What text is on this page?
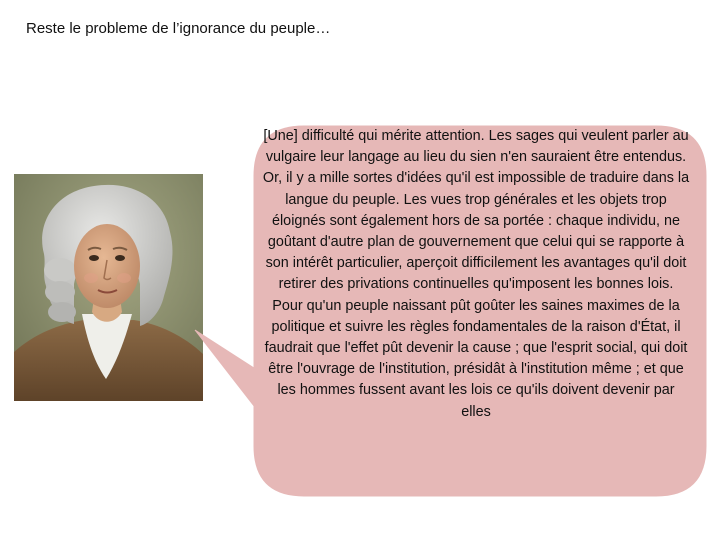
Reste le probleme de l’ignorance du peuple…
[Une] difficulté qui mérite attention. Les sages qui veulent parler au vulgaire leur langage au lieu du sien n'en sauraient être entendus. Or, il y a mille sortes d'idées qu'il est impossible de traduire dans la langue du peuple. Les vues trop générales et les objets trop éloignés sont également hors de sa portée : chaque individu, ne goûtant d'autre plan de gouvernement que celui qui se rapporte à son intérêt particulier, aperçoit difficilement les avantages qu'il doit retirer des privations continuelles qu'imposent les bonnes lois. Pour qu'un peuple naissant pût goûter les saines maximes de la politique et suivre les règles fondamentales de la raison d'État, il faudrait que l'effet pût devenir la cause ; que l'esprit social, qui doit être l'ouvrage de l'institution, présidât à l'institution même ; et que les hommes fussent avant les lois ce qu'ils doivent devenir par elles
